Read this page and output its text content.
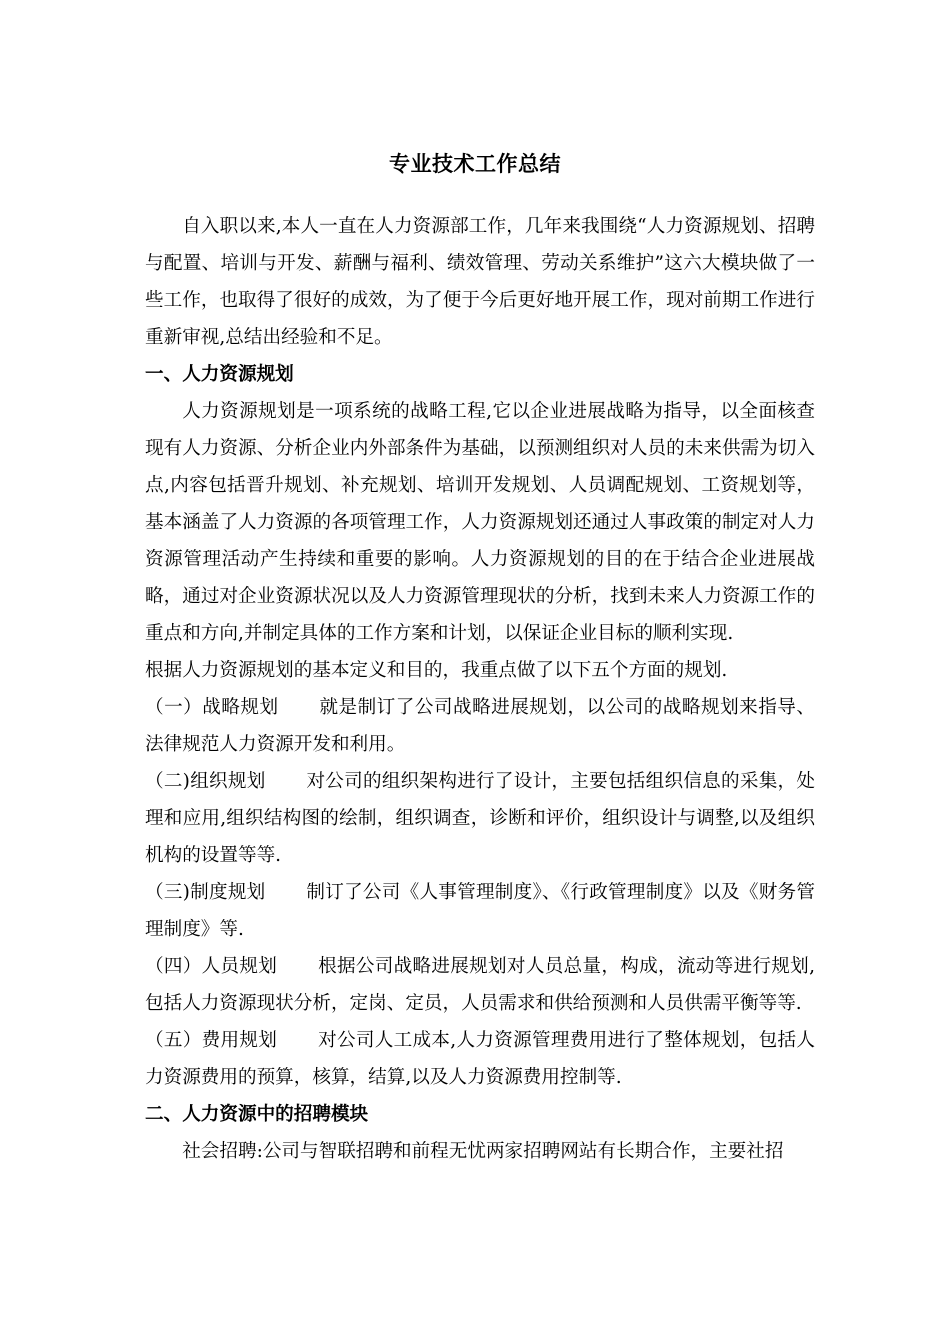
专业技术工作总结

自入职以来,本人一直在人力资源部工作，几年来我围绕“人力资源规划、招聘与配置、培训与开发、薪酬与福利、绩效管理、劳动关系维护”这六大模块做了一些工作，也取得了很好的成效，为了便于今后更好地开展工作，现对前期工作进行重新审视,总结出经验和不足。

一、人力资源规划

人力资源规划是一项系统的战略工程,它以企业进展战略为指导，以全面核查现有人力资源、分析企业内外部条件为基础，以预测组织对人员的未来供需为切入点,内容包括晋升规划、补充规划、培训开发规划、人员调配规划、工资规划等，基本涵盖了人力资源的各项管理工作，人力资源规划还通过人事政策的制定对人力资源管理活动产生持续和重要的影响。人力资源规划的目的在于结合企业进展战略，通过对企业资源状况以及人力资源管理现状的分析，找到未来人力资源工作的重点和方向,并制定具体的工作方案和计划，以保证企业目标的顺利实现.

根据人力资源规划的基本定义和目的，我重点做了以下五个方面的规划.

（一）战略规划 就是制订了公司战略进展规划，以公司的战略规划来指导、法律规范人力资源开发和利用。

（二)组织规划 对公司的组织架构进行了设计，主要包括组织信息的采集，处理和应用,组织结构图的绘制，组织调查，诊断和评价，组织设计与调整,以及组织机构的设置等等.

（三)制度规划 制订了公司《人事管理制度》、《行政管理制度》以及《财务管理制度》等.

（四）人员规划 根据公司战略进展规划对人员总量，构成，流动等进行规划,包括人力资源现状分析，定岗、定员，人员需求和供给预测和人员供需平衡等等.

（五）费用规划 对公司人工成本,人力资源管理费用进行了整体规划，包括人力资源费用的预算，核算，结算,以及人力资源费用控制等.

二、人力资源中的招聘模块

社会招聘:公司与智联招聘和前程无忧两家招聘网站有长期合作，主要社招
